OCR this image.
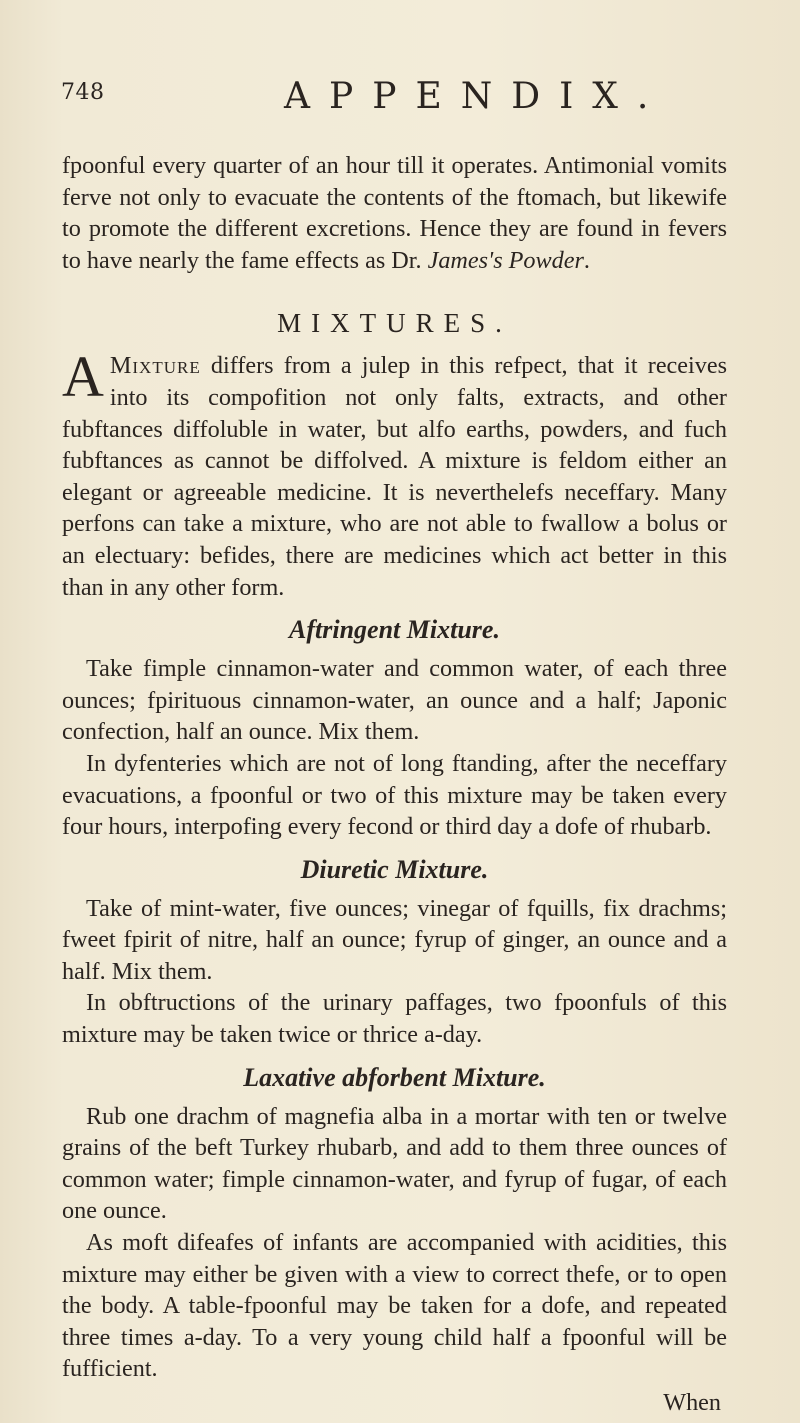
748	APPENDIX.

fpoonful every quarter of an hour till it operates. Antimonial vomits ferve not only to evacuate the contents of the ftomach, but likewife to promote the different excretions. Hence they are found in fevers to have nearly the fame effects as Dr. James's Powder.

MIXTURES.

A Mixture differs from a julep in this refpect, that it receives into its compofition not only falts, extracts, and other fubftances diffoluble in water, but alfo earths, powders, and fuch fubftances as cannot be diffolved. A mixture is feldom either an elegant or agreeable medicine. It is neverthelefs neceffary. Many perfons can take a mixture, who are not able to fwallow a bolus or an electuary: befides, there are medicines which act better in this than in any other form.

Aftringent Mixture.

Take fimple cinnamon-water and common water, of each three ounces; fpirituous cinnamon-water, an ounce and a half; Japonic confection, half an ounce. Mix them.

In dyfenteries which are not of long ftanding, after the neceffary evacuations, a fpoonful or two of this mixture may be taken every four hours, interpofing every fecond or third day a dofe of rhubarb.

Diuretic Mixture.

Take of mint-water, five ounces; vinegar of fquills, fix drachms; fweet fpirit of nitre, half an ounce; fyrup of ginger, an ounce and a half. Mix them.

In obftructions of the urinary paffages, two fpoonfuls of this mixture may be taken twice or thrice a-day.

Laxative abforbent Mixture.

Rub one drachm of magnefia alba in a mortar with ten or twelve grains of the beft Turkey rhubarb, and add to them three ounces of common water; fimple cinnamon-water, and fyrup of fugar, of each one ounce.

As moft difeafes of infants are accompanied with acidities, this mixture may either be given with a view to correct thefe, or to open the body. A table-fpoonful may be taken for a dofe, and repeated three times a-day. To a very young child half a fpoonful will be fufficient.

When
